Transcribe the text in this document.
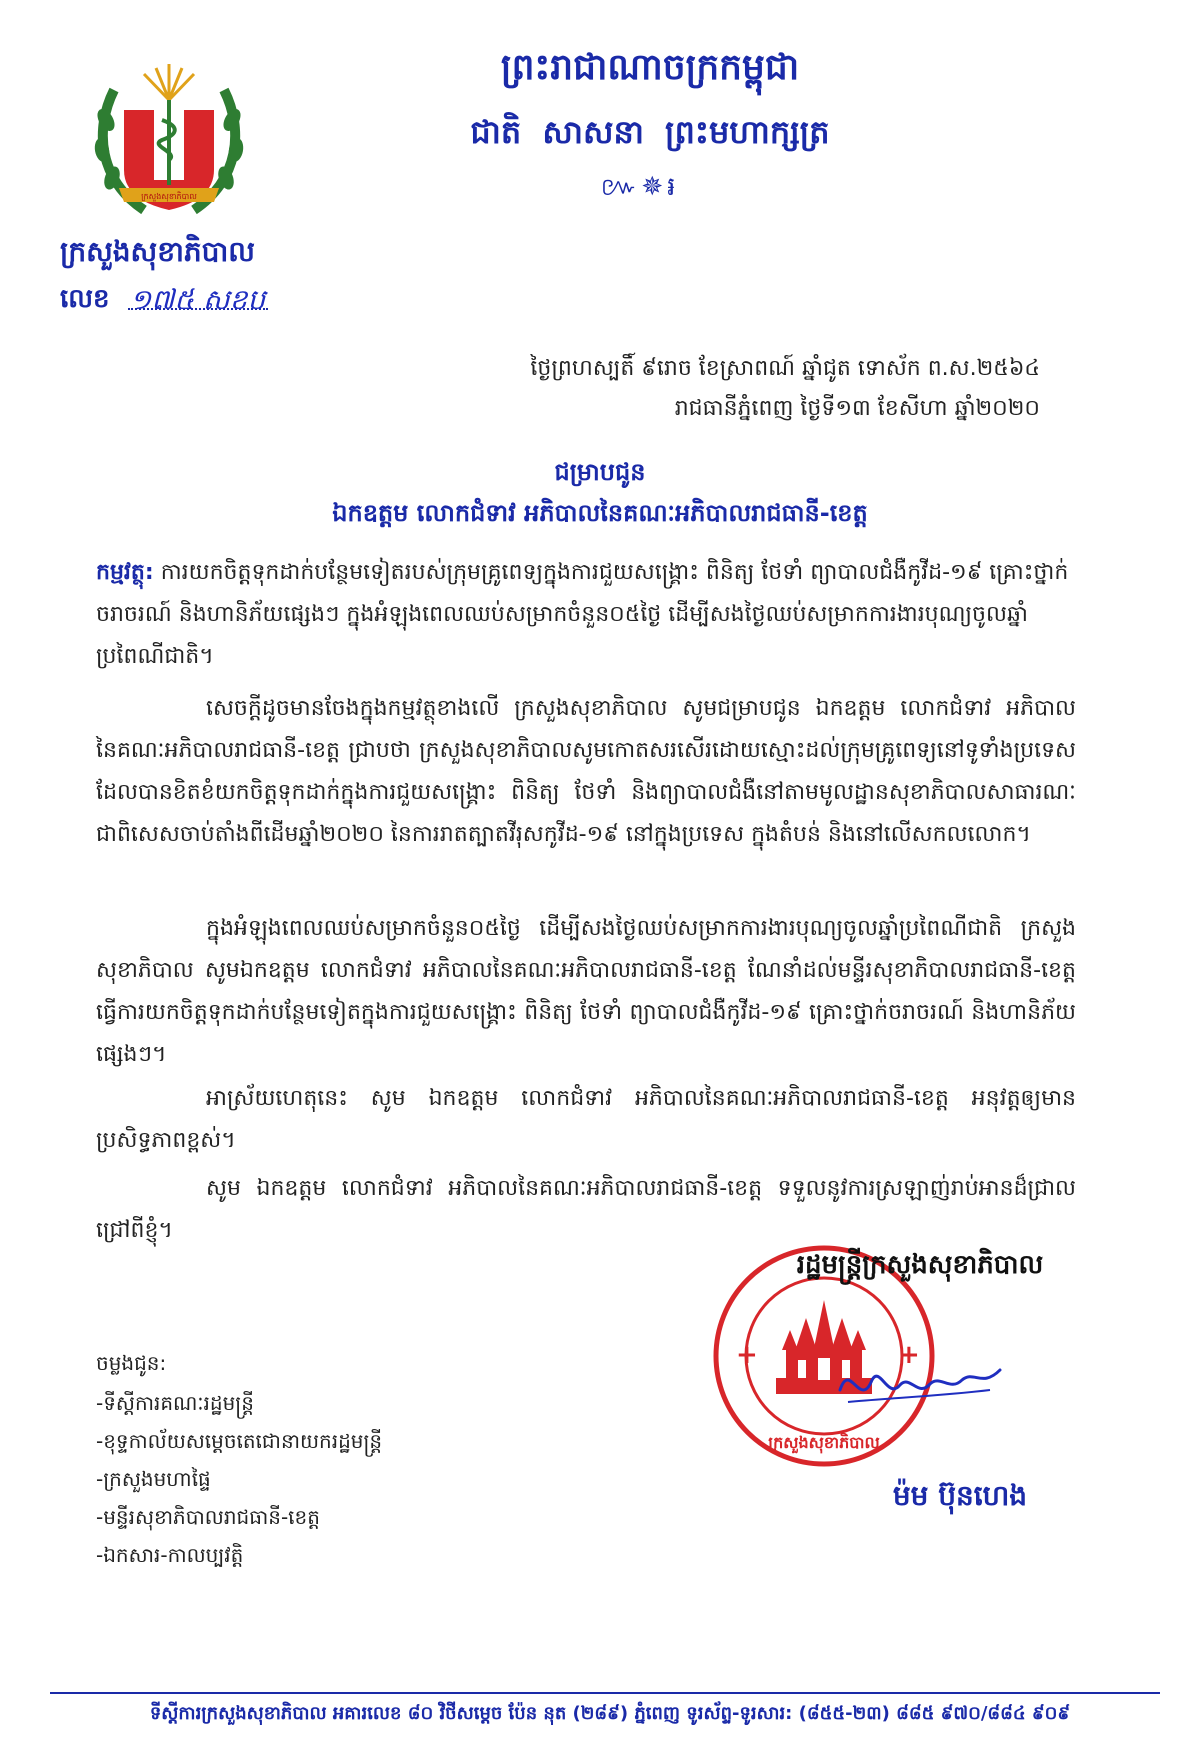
ក្រសួងសុខាភិបាល
ព្រះរាជាណាចក្រកម្ពុជា
ជាតិ សាសនា ព្រះមហាក្សត្រ
៚✵៛
ក្រសួងសុខាភិបាល
លេខ ១៧៥ សខប
ថ្ងៃព្រហស្បតិ៍ ៩រោច ខែស្រាពណ៍ ឆ្នាំជូត ទោស័ក ព.ស.២៥៦៤
រាជធានីភ្នំពេញ ថ្ងៃទី១៣ ខែសីហា ឆ្នាំ២០២០
ជម្រាបជូន
ឯកឧត្តម លោកជំទាវ អភិបាលនៃគណៈអភិបាលរាជធានី-ខេត្ត
កម្មវត្ថុ: ការយកចិត្តទុកដាក់បន្ថែមទៀតរបស់ក្រុមគ្រូពេទ្យក្នុងការជួយសង្គ្រោះ ពិនិត្យ ថែទាំ ព្យាបាលជំងឺកូវីដ-១៩ គ្រោះថ្នាក់ចរាចរណ៍ និងហានិភ័យផ្សេងៗ ក្នុងអំឡុងពេលឈប់សម្រាកចំនួន០៥ថ្ងៃ ដើម្បីសងថ្ងៃឈប់សម្រាកការងារបុណ្យចូលឆ្នាំប្រពៃណីជាតិ។
សេចក្តីដូចមានចែងក្នុងកម្មវត្ថុខាងលើ ក្រសួងសុខាភិបាល សូមជម្រាបជូន ឯកឧត្តម លោកជំទាវ អភិបាលនៃគណៈអភិបាលរាជធានី-ខេត្ត ជ្រាបថា ក្រសួងសុខាភិបាលសូមកោតសរសើរដោយស្មោះដល់ក្រុមគ្រូពេទ្យនៅទូទាំងប្រទេសដែលបានខិតខំយកចិត្តទុកដាក់ក្នុងការជួយសង្គ្រោះ ពិនិត្យ ថែទាំ និងព្យាបាលជំងឺនៅតាមមូលដ្ឋានសុខាភិបាលសាធារណៈ ជាពិសេសចាប់តាំងពីដើមឆ្នាំ២០២០ នៃការរាតត្បាតវីរុសកូវីដ-១៩ នៅក្នុងប្រទេស ក្នុងតំបន់ និងនៅលើសកលលោក។
ក្នុងអំឡុងពេលឈប់សម្រាកចំនួន០៥ថ្ងៃ ដើម្បីសងថ្ងៃឈប់សម្រាកការងារបុណ្យចូលឆ្នាំប្រពៃណីជាតិ ក្រសួងសុខាភិបាល សូមឯកឧត្តម លោកជំទាវ អភិបាលនៃគណៈអភិបាលរាជធានី-ខេត្ត ណែនាំដល់មន្ទីរសុខាភិបាលរាជធានី-ខេត្ត ធ្វើការយកចិត្តទុកដាក់បន្ថែមទៀតក្នុងការជួយសង្គ្រោះ ពិនិត្យ ថែទាំ ព្យាបាលជំងឺកូវីដ-១៩ គ្រោះថ្នាក់ចរាចរណ៍ និងហានិភ័យផ្សេងៗ។
អាស្រ័យហេតុនេះ សូម ឯកឧត្តម លោកជំទាវ អភិបាលនៃគណៈអភិបាលរាជធានី-ខេត្ត អនុវត្តឲ្យមានប្រសិទ្ធភាពខ្ពស់។
សូម ឯកឧត្តម លោកជំទាវ អភិបាលនៃគណៈអភិបាលរាជធានី-ខេត្ត ទទួលនូវការស្រឡាញ់រាប់អានដ៏ជ្រាលជ្រៅពីខ្ញុំ។
+	+
ក្រសួងសុខាភិបាល
រដ្ឋមន្ត្រីក្រសួងសុខាភិបាល
ម៉ម ប៊ុនហេង
ចម្លងជូន:
-ទីស្តីការគណៈរដ្ឋមន្ត្រី
-ខុទ្ទកាល័យសម្តេចតេជោនាយករដ្ឋមន្ត្រី
-ក្រសួងមហាផ្ទៃ
-មន្ទីរសុខាភិបាលរាជធានី-ខេត្ត
-ឯកសារ-កាលប្បវត្តិ
ទីស្តីការក្រសួងសុខាភិបាល អគារលេខ ៨០ វិថីសម្តេច ប៉ែន នុត (២៨៩) ភ្នំពេញ ទូរស័ព្ទ-ទូរសារ: (៨៥៥-២៣) ៨៨៥ ៩៧០/៨៨៤ ៩០៩
